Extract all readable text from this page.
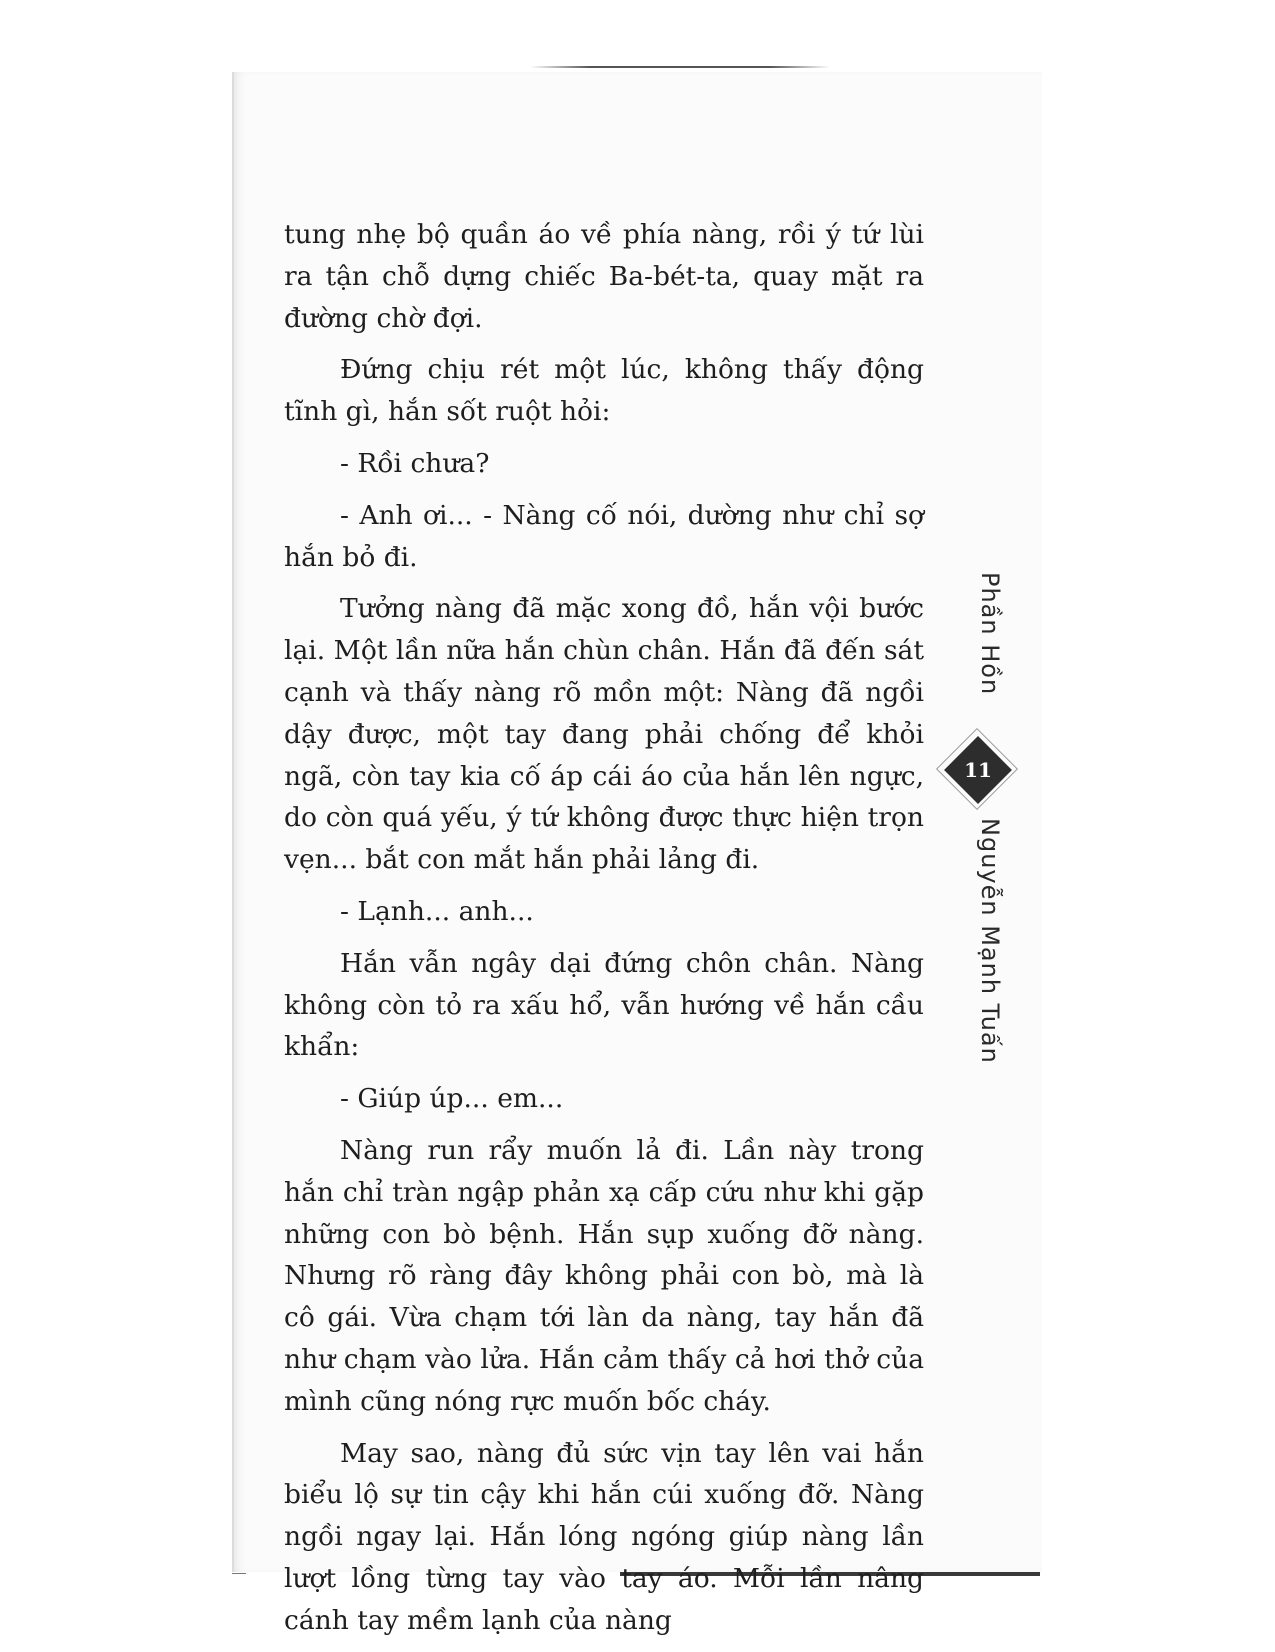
tung nhẹ bộ quần áo về phía nàng, rồi ý tứ lùi ra tận chỗ dựng chiếc Ba-bét-ta, quay mặt ra đường chờ đợi.

Đứng chịu rét một lúc, không thấy động tĩnh gì, hắn sốt ruột hỏi:

- Rồi chưa?

- Anh ơi... - Nàng cố nói, dường như chỉ sợ hắn bỏ đi.

Tưởng nàng đã mặc xong đồ, hắn vội bước lại. Một lần nữa hắn chùn chân. Hắn đã đến sát cạnh và thấy nàng rõ mồn một: Nàng đã ngồi dậy được, một tay đang phải chống để khỏi ngã, còn tay kia cố áp cái áo của hắn lên ngực, do còn quá yếu, ý tứ không được thực hiện trọn vẹn... bắt con mắt hắn phải lảng đi.

- Lạnh... anh...

Hắn vẫn ngây dại đứng chôn chân. Nàng không còn tỏ ra xấu hổ, vẫn hướng về hắn cầu khẩn:

- Giúp úp... em...

Nàng run rẩy muốn lả đi. Lần này trong hắn chỉ tràn ngập phản xạ cấp cứu như khi gặp những con bò bệnh. Hắn sụp xuống đỡ nàng. Nhưng rõ ràng đây không phải con bò, mà là cô gái. Vừa chạm tới làn da nàng, tay hắn đã như chạm vào lửa. Hắn cảm thấy cả hơi thở của mình cũng nóng rực muốn bốc cháy.

May sao, nàng đủ sức vịn tay lên vai hắn biểu lộ sự tin cậy khi hắn cúi xuống đỡ. Nàng ngồi ngay lại. Hắn lóng ngóng giúp nàng lần lượt lồng từng tay vào tay áo. Mỗi lần nâng cánh tay mềm lạnh của nàng

Phần Hồn
Nguyễn Mạnh Tuấn
11
